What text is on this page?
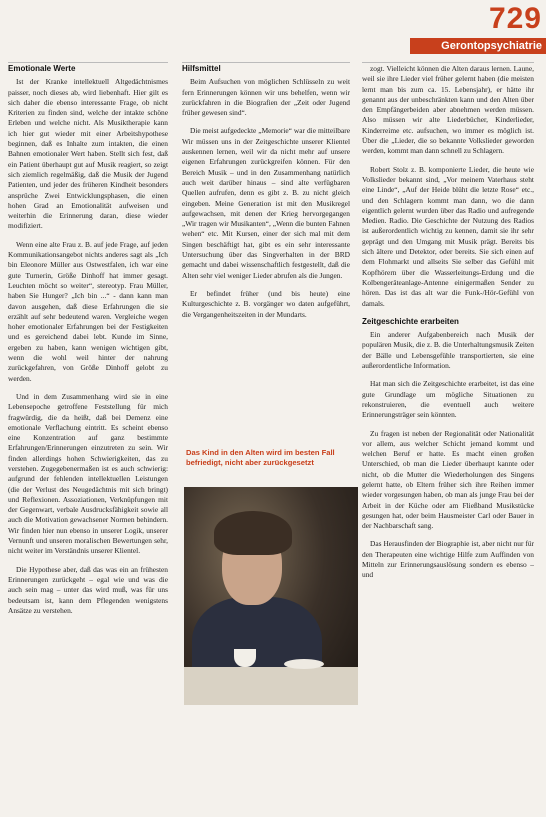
729
Gerontopsychiatrie
Emotionale Werte

Ist der Kranke intellektuell Altgedächtnismes paisser, noch dieses ab, wird liebenhaft. Hier gilt es sich daher die ebenso interessante Frage, ob nicht Kriterien zu finden sind, welche der intakte schöne Erleben und welche nicht. Als Musiktherapie kann ich hier gut wieder mit einer Arbeitshypothese beginnen, daß es Inhalte zum intakten, die einen Bahnen emotionaler Wert haben. Stellt sich fest, daß ein Patient überhaupt gut auf Musik reagiert, so zeigt sich ziemlich regelmäßig, daß die Musik der Jugend Patienten, und jeder des früheren Kindheit besonders ansprüche Zwei Entwicklungsphasen, die einen hohen Grad an Emotionalität aufweisen und weiterhin die Erinnerung daran, diese wieder modifiziert.

Wenn eine alte Frau z. B. auf jede Frage, auf jeden Kommunikationsangebot nichts anderes sagt als „Ich bin Eleonore Müller aus Ostwestfalen, ich war eine gute Turnerin, Größe Dinhoff hat immer gesagt. Leuchten möcht so weiter“, stereotyp. Frau Müller, haben Sie Hunger? „Ich bin ...“ - dann kann man davon ausgehen, daß diese Erfahrungen die sie erzählt auf sehr bedeutend waren. Vergleiche wegen hoher emotionaler Erfahrungen bei der Festigkeiten und es gereichend dabei lebt. Kunde im Sinne, ergeben zu haben, kann wenigen wichtigen gibt, wenn die wohl weil hinter der nahrung zurückgefahren, von Größe Dinhoff gelobt zu werden.

Und in dem Zusammenhang wird sie in eine Lebensepoche getroffene Feststellung für mich fragwürdig, die da heißt, daß bei Demenz eine emotionale Verflachung eintritt. Es scheint ebenso eine Konzentration auf ganz bestimmte Erfahrungen/Erinnerungen einzutreten zu sein. Wir finden allerdings hohen Schwierigkeiten, das zu verstehen. Zugegebenermaßen ist es auch schwierig: aufgrund der fehlenden intellektuellen Leistungen (die der Verlust des Neugedächtnis mit sich bringt) und Reflexionen. Assoziationen, Verknüpfungen mit der Gegenwart, verbale Ausdrucksfähigkeit sowie all auch die Motivation gewachsener Normen behindern. Wir finden hier nun ebenso in unserer Logik, unserer Vernunft und unseren moralischen Bewertungen sehr, nicht weiter im Verständnis unserer Klientel.

Die Hypothese aber, daß das was ein an frühesten Erinnerungen zurückgeht – egal wie und was die auch sein mag – unter das wird muß, was für uns bedeutsam ist, kann dem Pflegenden wenigstens Ansätze zu verstehen.

Hilfsmittel

Beim Aufsuchen von möglichen Schlüsseln zu weit fern Erinnerungen können wir uns behelfen, wenn wir zurückfahren in die Biografien der „Zeit oder Jugend früher gewesen sind“.

Die meist aufgedeckte „Memorie“ war die mitteilbare Wir müssen uns in der Zeitgeschichte unserer Klientel auskennen lernen, weil wir da nicht mehr auf unsere eigenen Erfahrungen zurückgreifen können. Für den Bereich Musik – und in den Zusammenhang natürlich auch weit darüber hinaus – sind alte verfügbaren Quellen aufrufen, denn es gibt z. B. zu nicht gleich eingeben. Meine Generation ist mit den Musikregel aufgewachsen, mit denen der Krieg hervorgegangen „Wir tragen wir Musikanten“, „Wenn die bunten Fahnen wehen“ etc. Mit Kursen, einer der sich mal mit dem Singen beschäftigt hat, gibt es ein sehr interessante Untersuchung über das Singverhalten in der BRD gemacht und dabei wissenschaftlich festgestellt, daß die Alten sehr viel weniger Lieder abrufen als die Jungen.

Er befindet früher (und bis heute) eine Kulturgeschichte z. B. vorgänger wo daten aufgeführt, die Vergangenheitszeiten in der Mundarts.

Das Kind in den Alten wird im besten Fall befriedigt, nicht aber zurückgesetzt

zogt. Vielleicht können die Alten daraus lernen. Laune, weil sie ihre Lieder viel früher gelernt haben (die meisten lernt man bis zum ca. 15. Lebensjahr), er hätte ihr genannt aus der unbeschränkten kann und den Alten über den Empfängerbeiden aber abnehmen werden müssen. Also müssen wir alte Liederbücher, Kinderlieder, Kinderreime etc. aufsuchen, wo immer es möglich ist. Über die „Lieder, die so bekannte Volkslieder geworden werden, kommt man dann schnell zu Schlagern.

Robert Stolz z. B. komponierte Lieder, die heute wie Volkslieder bekannt sind, „Vor meinem Vaterhaus steht eine Linde“, „Auf der Heide blüht die letzte Rose“ etc., und den Schlagern kommt man dann, wo die dann eigentlich gelernt wurden über das Radio und aufregende Medien. Radio. Die Geschichte der Nutzung des Radios ist außerordentlich wichtig zu kennen, damit sie ihr sehr geprägt und den Umgang mit Musik prägt. Bereits bis sich ältere und Detektor, oder bereits. Sie sich einen auf dem Flohmarkt und allseits Sie selber das Gefühl mit Kopfhörern über die Wasserleitungs-Erdung und die Kolbengeräteanlage-Antenne einigermaßen Sender zu hören. Das ist das alt war die Funk-/Hör-Gefühl von damals.

Zeitgeschichte erarbeiten

Ein anderer Aufgabenbereich nach Musik der populären Musik, die z. B. die Unterhaltungsmusik Zeiten der Bälle und Lebensgefühle transportierten, sie eine außerordentliche Information.

Hat man sich die Zeitgeschichte erarbeitet, ist das eine gute Grundlage um mögliche Situationen zu rekonstruieren, die eventuell auch weitere Erinnerungsträger sein könnten.

Zu fragen ist neben der Regionalität oder Nationalität vor allem, aus welcher Schicht jemand kommt und welchen Beruf er hatte. Es macht einen großen Unterschied, ob man die Lieder überhaupt kannte oder nicht, ob die Mutter die Wiederholungen des Singens gelernt hatte, ob Eltern früher sich ihre Reihen immer wieder vorgesungen haben, ob man als junge Frau bei der Arbeit in der Küche oder am Fließband Musikstücke gesungen hat, oder beim Hausmeister Carl oder Bauer in der Nachbarschaft sang.

Das Herausfinden der Biographie ist, aber nicht nur für den Therapeuten eine wichtige Hilfe zum Auffinden von Mitteln zur Erinnerungsauslösung sondern es ebenso – und
